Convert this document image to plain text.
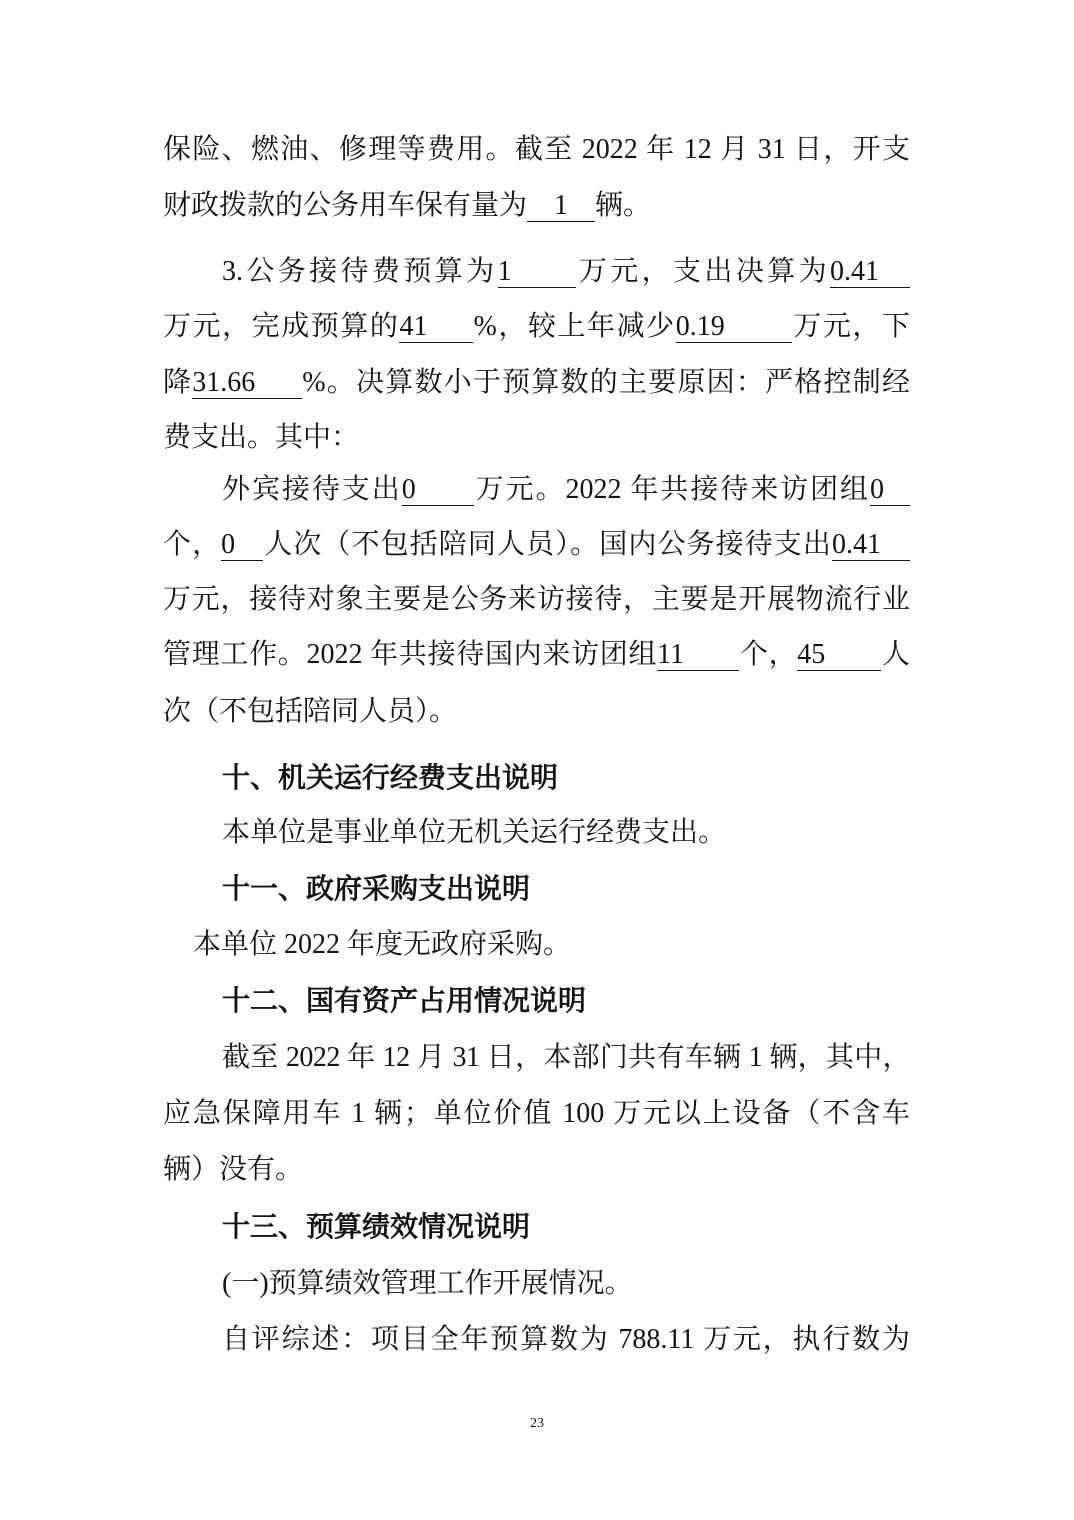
保险、燃油、修理等费用。截至 2022 年 12 月 31 日，开支
财政拨款的公务用车保有量为 1 辆。
3.公务接待费预算为1 万元，支出决算为0.41
万元，完成预算的41 %，较上年减少0.19 万元，下
降31.66 %。决算数小于预算数的主要原因：严格控制经
费支出。其中：
外宾接待支出0 万元。2022 年共接待来访团组0
个，0 人次（不包括陪同人员）。国内公务接待支出0.41
万元，接待对象主要是公务来访接待，主要是开展物流行业
管理工作。2022 年共接待国内来访团组11 个，45 人
次（不包括陪同人员）。
十、机关运行经费支出说明
本单位是事业单位无机关运行经费支出。
十一、政府采购支出说明
本单位 2022 年度无政府采购。
十二、国有资产占用情况说明
截至 2022 年 12 月 31 日，本部门共有车辆 1 辆，其中，
应急保障用车 1 辆；单位价值 100 万元以上设备（不含车
辆）没有。
十三、预算绩效情况说明
(一)预算绩效管理工作开展情况。
自评综述：项目全年预算数为 788.11 万元，执行数为
23
